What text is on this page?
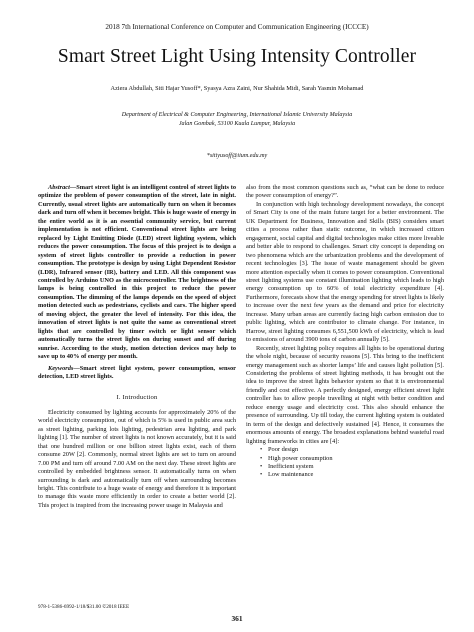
2018 7th International Conference on Computer and Communication Engineering (ICCCE)
Smart Street Light Using Intensity Controller
Aziera Abdullah, Siti Hajar Yusoff*, Syasya Azra Zaini, Nur Shahida Midi, Sarah Yasmin Mohamad
Department of Electrical & Computer Engineering, International Islamic University Malaysia
Jalan Gombak, 53100 Kuala Lumpur, Malaysia
*sitiyusoff@iium.edu.my

Abstract—Smart street light is an intelligent control of street lights to optimize the problem of power consumption of the street, late in night. Currently, usual street lights are automatically turn on when it becomes dark and turn off when it becomes bright. This is huge waste of energy in the entire world as it is an essential community service, but current implementation is not efficient. Conventional street lights are being replaced by Light Emitting Diode (LED) street lighting system, which reduces the power consumption. The focus of this project is to design a system of street lights controller to provide a reduction in power consumption. The prototype is design by using Light Dependent Resistor (LDR), Infrared sensor (IR), battery and LED. All this component was controlled by Arduino UNO as the microcontroller. The brightness of the lamps is being controlled in this project to reduce the power consumption. The dimming of the lamps depends on the speed of object motion detected such as pedestrians, cyclists and cars. The higher speed of moving object, the greater the level of intensity. For this idea, the innovation of street lights is not quite the same as conventional street lights that are controlled by timer switch or light sensor which automatically turns the street lights on during sunset and off during sunrise. According to the study, motion detection devices may help to save up to 40% of energy per month.

Keywords—Smart street light system, power consumption, sensor detection, LED street lights.

I. Introduction

Electricity consumed by lighting accounts for approximately 20% of the world electricity consumption, out of which is 5% is used in public area such as street lighting, parking lots lighting, pedestrian area lighting, and park lighting [1]. The number of street lights is not known accurately, but it is said that one hundred million or one billion street lights exist, each of them consume 20W [2]. Commonly, normal street lights are set to turn on around 7.00 PM and turn off around 7.00 AM on the next day. These street lights are controlled by embedded brightness sensor. It automatically turns on when surrounding is dark and automatically turn off when surrounding becomes bright. This contribute to a huge waste of energy and therefore it is important to manage this waste more efficiently in order to create a better world [2]. This project is inspired from the increasing power usage in Malaysia and

also from the most common questions such as, “what can be done to reduce the power consumption of energy?”.

In conjunction with high technology development nowadays, the concept of Smart City is one of the main future target for a better environment. The UK Department for Business, Innovation and Skills (BIS) considers smart cities a process rather than static outcome, in which increased citizen engagement, social capital and digital technologies make cities more liveable and better able to respond to challenges. Smart city concept is depending on two phenomena which are the urbanization problems and the development of recent technologies [3]. The issue of waste management should be given more attention especially when it comes to power consumption. Conventional street lighting systems use constant illumination lighting which leads to high energy consumption up to 60% of total electricity expenditure [4]. Furthermore, forecasts show that the energy spending for street lights is likely to increase over the next few years as the demand and price for electricity increase. Many urban areas are currently facing high carbon emission due to public lighting, which are contributor to climate change. For instance, in Harrow, street lighting consumes 6,551,500 kWh of electricity, which is lead to emissions of around 3900 tons of carbon annually [5].

Recently, street lighting policy requires all lights to be operational during the whole night, because of security reasons [5]. This bring to the inefficient energy management such as shorter lamps’ life and causes light pollution [5]. Considering the problems of street lighting methods, it has brought out the idea to improve the street lights behavior system so that it is environmental friendly and cost effective. A perfectly designed, energy efficient street light controller has to allow people travelling at night with better condition and reduce energy usage and electricity cost. This also should enhance the presence of surrounding. Up till today, the current lighting system is outdated in term of the design and defectively sustained [4]. Hence, it consumes the enormous amounts of energy. The broadest explanations behind wasteful road lighting frameworks in cities are [4]:

• Poor design
• High power consumption
• Inefficient system
• Low maintenance
978-1-5386-6992-1/18/$31.00 ©2018 IEEE
361
